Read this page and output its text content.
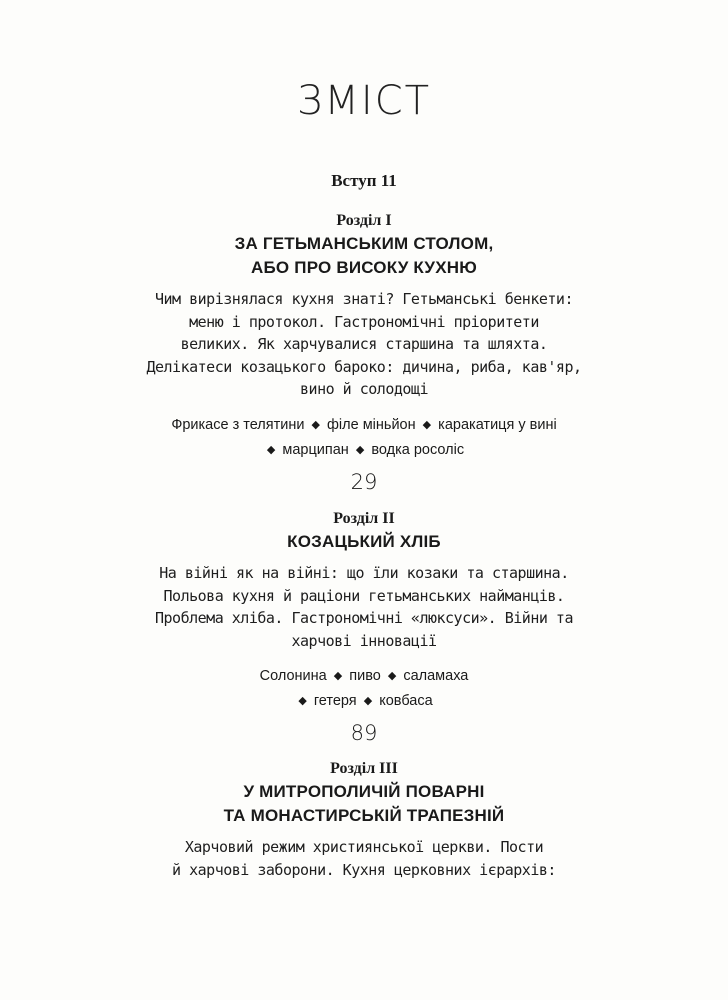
ЗМІСТ
Вступ 11
Розділ І
ЗА ГЕТЬМАНСЬКИМ СТОЛОМ,
АБО ПРО ВИСОКУ КУХНЮ
Чим вирізнялася кухня знаті? Гетьманські бенкети:
меню і протокол. Гастрономічні пріоритети
великих. Як харчувалися старшина та шляхта.
Делікатеси козацького бароко: дичина, риба, кав'яр,
вино й солодощі
Фрикасе з телятини ◆ філе міньйон ◆ каракатиця у вині
◆ марципан ◆ водка росоліс
29
Розділ ІІ
КОЗАЦЬКИЙ ХЛІБ
На війні як на війні: що їли козаки та старшина.
Польова кухня й раціони гетьманських найманців.
Проблема хліба. Гастрономічні «люксуси». Війни та
харчові інновації
Солонина ◆ пиво ◆ саламаха
◆ гетеря ◆ ковбаса
89
Розділ ІІІ
У МИТРОПОЛИЧІЙ ПОВАРНІ
ТА МОНАСТИРСЬКІЙ ТРАПЕЗНІЙ
Харчовий режим християнської церкви. Пости
й харчові заборони. Кухня церковних ієрархів:
